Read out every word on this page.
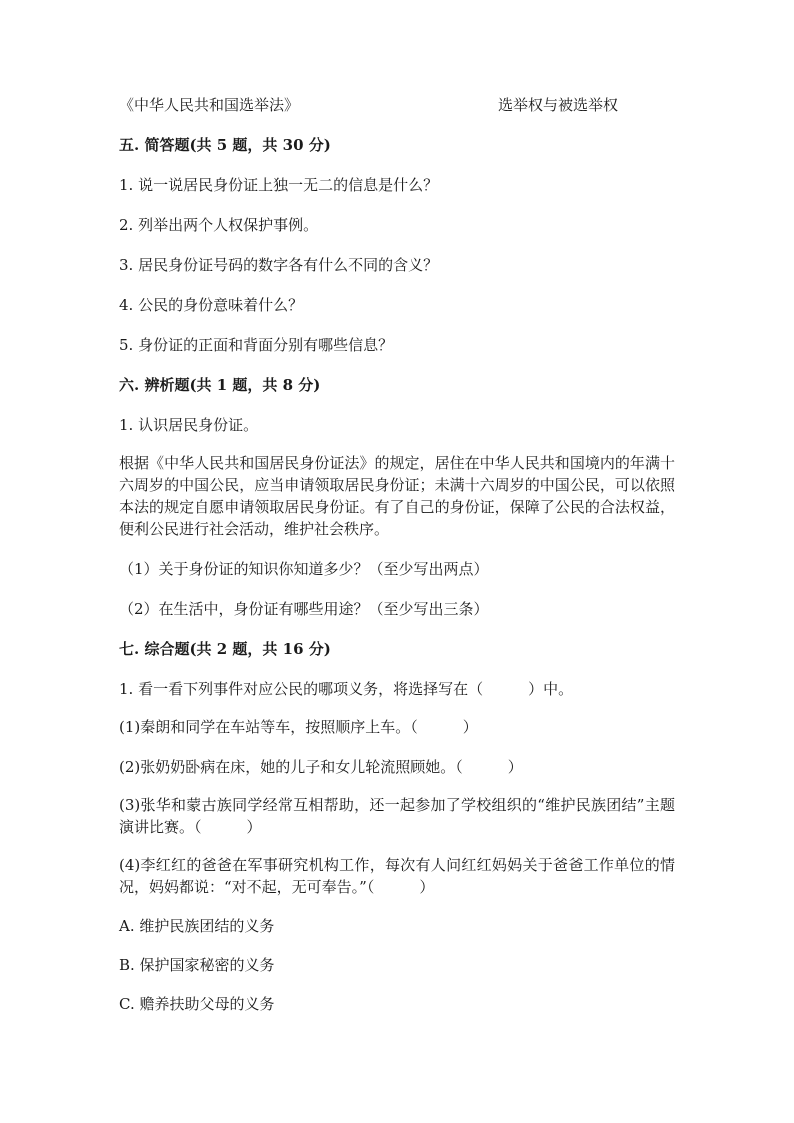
《中华人民共和国选举法》	选举权与被选举权

五. 简答题(共 5 题，共 30 分)

1. 说一说居民身份证上独一无二的信息是什么？

2. 列举出两个人权保护事例。

3. 居民身份证号码的数字各有什么不同的含义？

4. 公民的身份意味着什么？

5. 身份证的正面和背面分别有哪些信息？

六. 辨析题(共 1 题，共 8 分)

1. 认识居民身份证。

根据《中华人民共和国居民身份证法》的规定，居住在中华人民共和国境内的年满十六周岁的中国公民，应当申请领取居民身份证；未满十六周岁的中国公民，可以依照本法的规定自愿申请领取居民身份证。有了自己的身份证，保障了公民的合法权益，便利公民进行社会活动，维护社会秩序。

（1）关于身份证的知识你知道多少？（至少写出两点）

（2）在生活中，身份证有哪些用途？（至少写出三条）

七. 综合题(共 2 题，共 16 分)

1. 看一看下列事件对应公民的哪项义务，将选择写在（　　　）中。

(1)秦朗和同学在车站等车，按照顺序上车。（　　　）

(2)张奶奶卧病在床，她的儿子和女儿轮流照顾她。（　　　）

(3)张华和蒙古族同学经常互相帮助，还一起参加了学校组织的“维护民族团结”主题演讲比赛。（　　　）

(4)李红红的爸爸在军事研究机构工作，每次有人问红红妈妈关于爸爸工作单位的情况，妈妈都说：“对不起，无可奉告。”（　　　）

A. 维护民族团结的义务

B. 保护国家秘密的义务

C. 赡养扶助父母的义务
